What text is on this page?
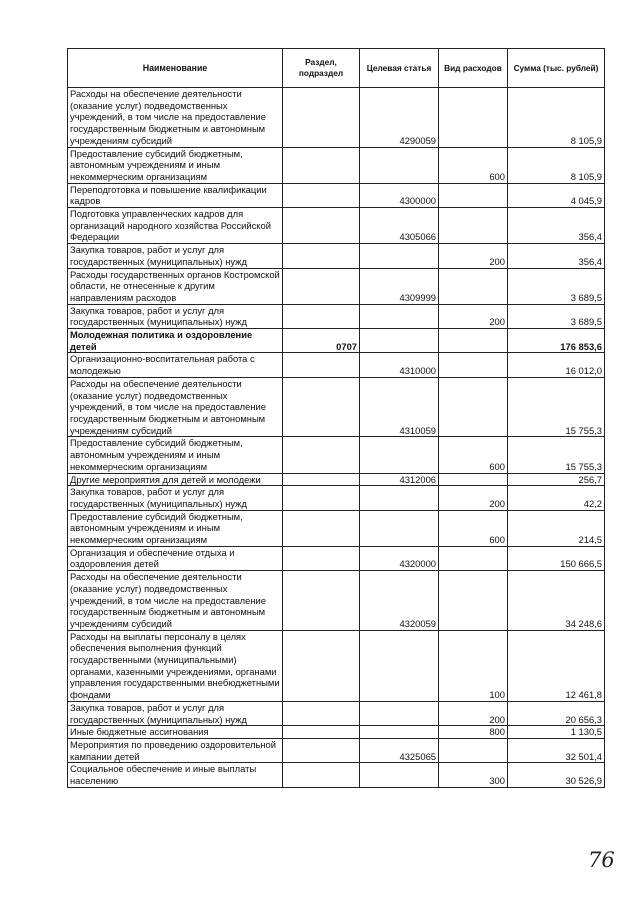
Наименование	Раздел, подраздел	Целевая статья	Вид расходов	Сумма (тыс. рублей)
Расходы на обеспечение деятельности (оказание услуг) подведомственных учреждений, в том числе на предоставление государственным бюджетным и автономным учреждениям субсидий		4290059		8 105,9
Предоставление субсидий бюджетным, автономным учреждениям и иным некоммерческим организациям			600	8 105,9
Переподготовка и повышение квалификации кадров		4300000		4 045,9
Подготовка управленческих кадров для организаций народного хозяйства Российской Федерации		4305066		356,4
Закупка товаров, работ и услуг для государственных (муниципальных) нужд			200	356,4
Расходы государственных органов Костромской области, не отнесенные к другим направлениям расходов		4309999		3 689,5
Закупка товаров, работ и услуг для государственных (муниципальных) нужд			200	3 689,5
Молодежная политика и оздоровление детей	0707			176 853,6
Организационно-воспитательная работа с молодежью		4310000		16 012,0
Расходы на обеспечение деятельности (оказание услуг) подведомственных учреждений, в том числе на предоставление государственным бюджетным и автономным учреждениям субсидий		4310059		15 755,3
Предоставление субсидий бюджетным, автономным учреждениям и иным некоммерческим организациям			600	15 755,3
Другие мероприятия для детей и молодежи		4312006		256,7
Закупка товаров, работ и услуг для государственных (муниципальных) нужд			200	42,2
Предоставление субсидий бюджетным, автономным учреждениям и иным некоммерческим организациям			600	214,5
Организация и обеспечение отдыха и оздоровления детей		4320000		150 666,5
Расходы на обеспечение деятельности (оказание услуг) подведомственных учреждений, в том числе на предоставление государственным бюджетным и автономным учреждениям субсидий		4320059		34 248,6
Расходы на выплаты персоналу в целях обеспечения выполнения функций государственными (муниципальными) органами, казенными учреждениями, органами управления государственными внебюджетными фондами			100	12 461,8
Закупка товаров, работ и услуг для государственных (муниципальных) нужд			200	20 656,3
Иные бюджетные ассигнования			800	1 130,5
Мероприятия по проведению оздоровительной кампании детей		4325065		32 501,4
Социальное обеспечение и иные выплаты населению			300	30 526,9
76
